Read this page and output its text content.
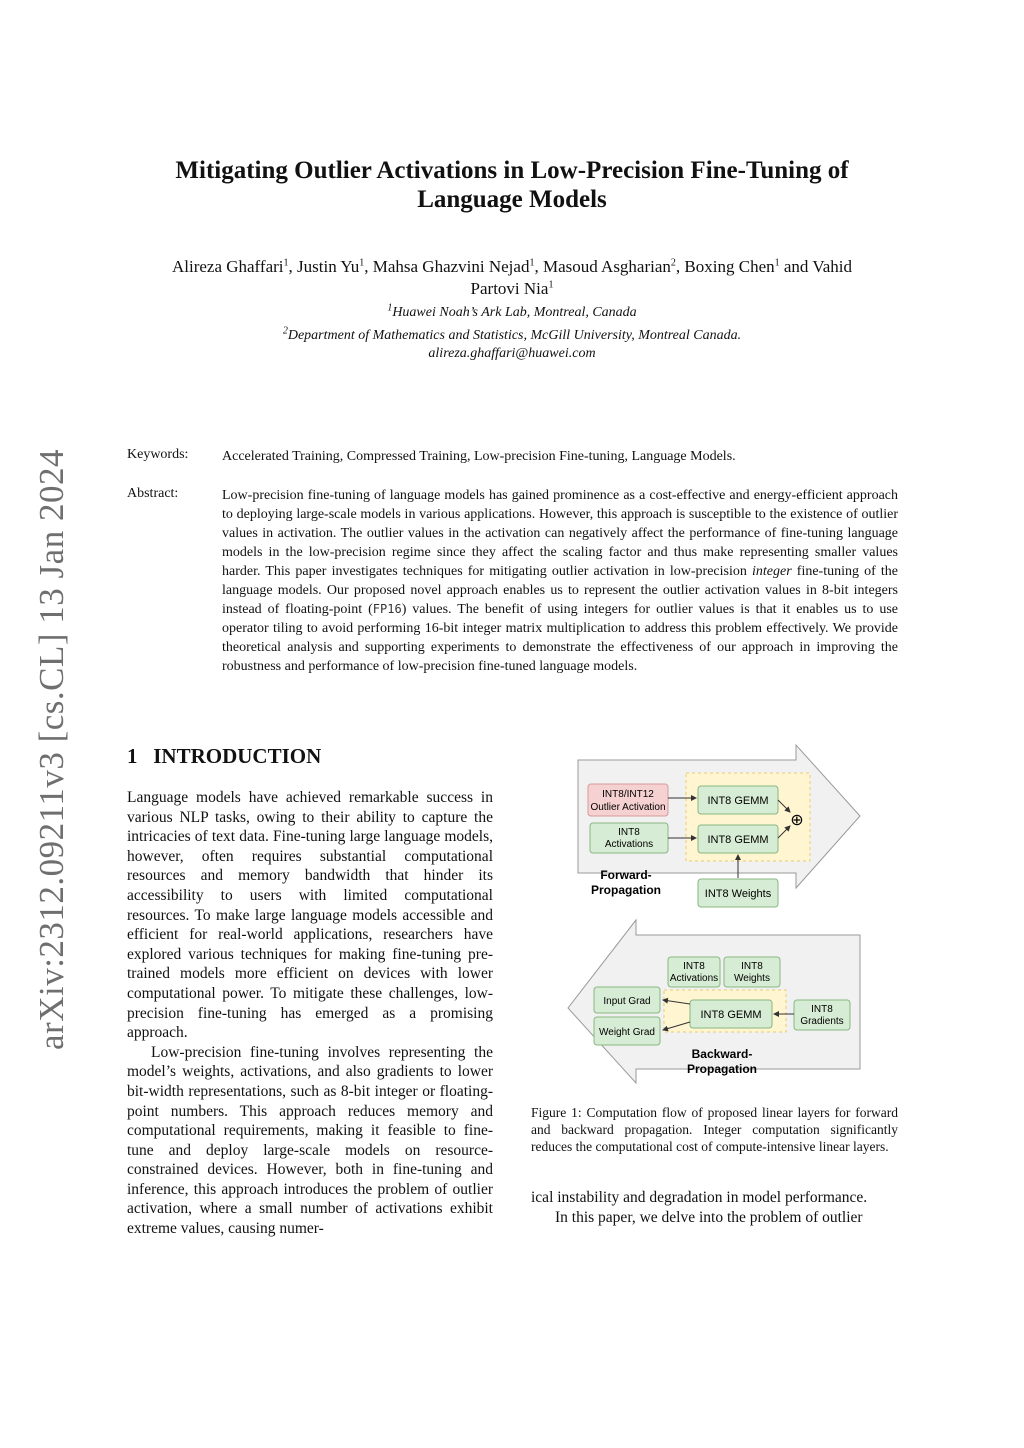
Mitigating Outlier Activations in Low-Precision Fine-Tuning of
Language Models
Alireza Ghaffari$^1$, Justin Yu$^1$, Mahsa Ghazvini Nejad$^1$, Masoud Asgharian$^2$, Boxing Chen$^1$ and Vahid
Partovi Nia$^1$
$^1$Huawei Noah’s Ark Lab, Montreal, Canada
$^2$Department of Mathematics and Statistics, McGill University, Montreal Canada.
alireza.ghaffari@huawei.com
arXiv:2312.09211v3 [cs.CL] 13 Jan 2024	Keywords: Accelerated Training, Compressed Training, Low-precision Fine-tuning, Language Models.
Abstract:	Low-precision fine-tuning of language models has gained prominence as a cost-effective and energy-efficient approach to deploying large-scale models in various applications. However, this approach is susceptible to the existence of outlier values in activation. The outlier values in the activation can negatively affect the performance of fine-tuning language models in the low-precision regime since they affect the scaling factor and thus make representing smaller values harder. This paper investigates techniques for mitigating outlier activation in low-precision integer fine-tuning of the language models. Our proposed novel approach enables us to represent the outlier activation values in 8-bit integers instead of floating-point (FP16) values. The benefit of using integers for outlier values is that it enables us to use operator tiling to avoid performing 16-bit integer matrix multiplication to address this problem effectively. We provide theoretical analysis and supporting experiments to demonstrate the effectiveness of our approach in improving the robustness and performance of low-precision fine-tuned language models.
1 INTRODUCTION

Language models have achieved remarkable success in various NLP tasks, owing to their ability to capture the intricacies of text data. Fine-tuning large language models, however, often requires substantial computational resources and memory bandwidth that hinder its accessibility to users with limited computational resources. To make large language models accessible and efficient for real-world applications, researchers have explored various techniques for making fine-tuning pre-trained models more efficient on devices with lower computational power. To mitigate these challenges, low-precision fine-tuning has emerged as a promising approach.

Low-precision fine-tuning involves representing the model’s weights, activations, and also gradients to lower bit-width representations, such as 8-bit integer or floating-point numbers. This approach reduces memory and computational requirements, making it feasible to fine-tune and deploy large-scale models on resource-constrained devices. However, both in fine-tuning and inference, this approach introduces the problem of outlier activation, where a small number of activations exhibit extreme values, causing numer-

INT8/INT12
Outlier Activation
INT8
Activations
INT8 GEMM
INT8 GEMM
⊕
Forward-
Propagation	INT8 Weights
INT8
Activations
INT8
Weights
Input Grad
Weight Grad
INT8 GEMM	INT8
Gradients
Backward-
Propagation
Figure 1: Computation flow of proposed linear layers for forward and backward propagation. Integer computation significantly reduces the computational cost of compute-intensive linear layers.

ical instability and degradation in model performance.

In this paper, we delve into the problem of outlier
